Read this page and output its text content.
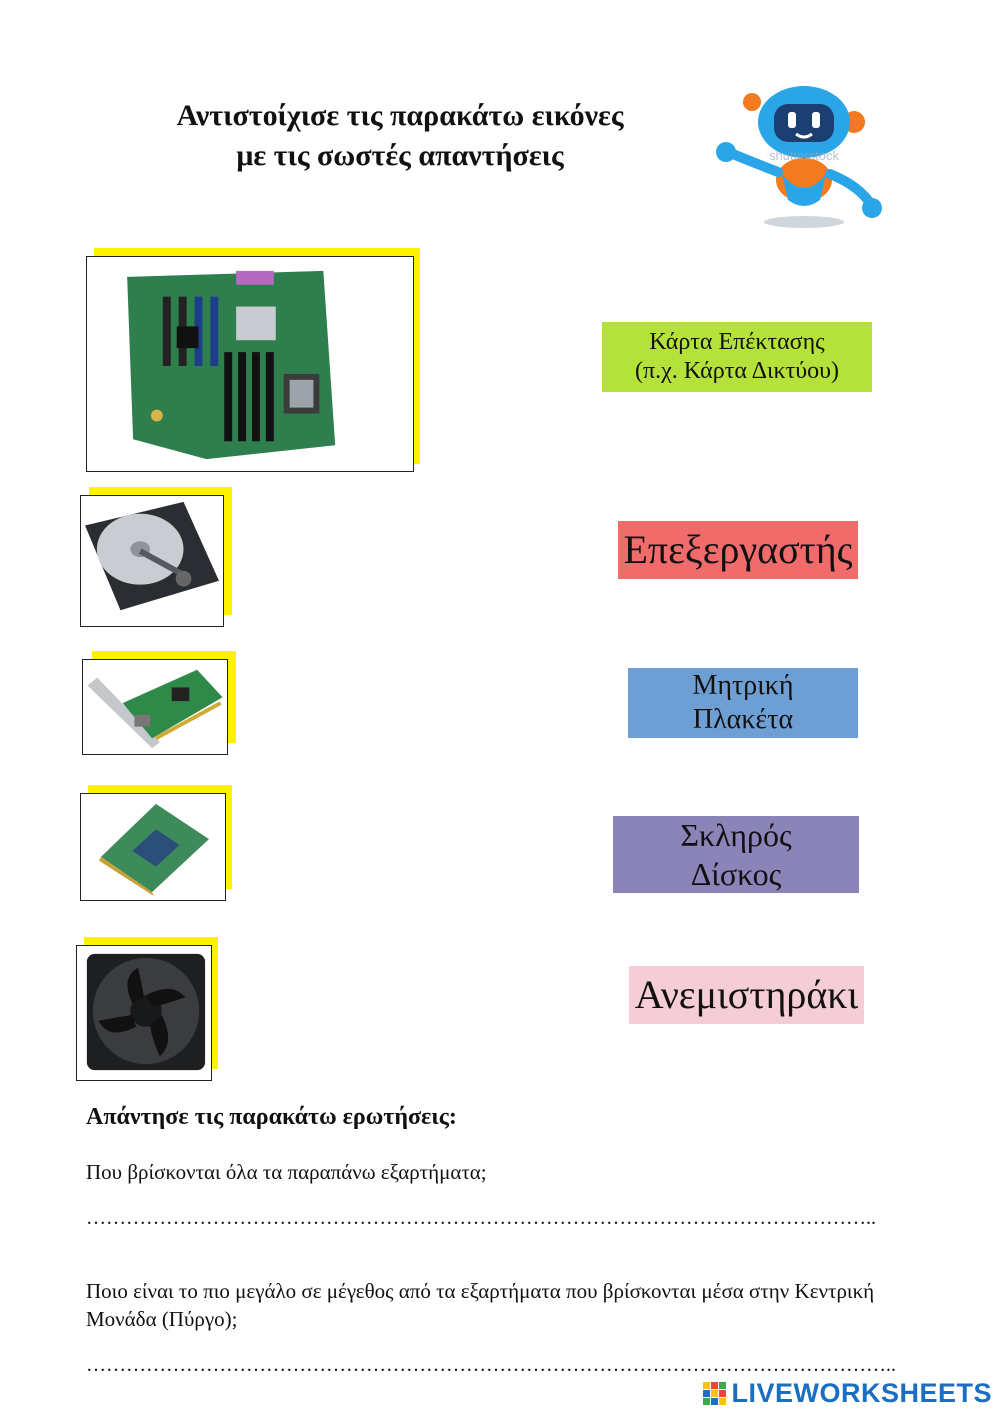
Αντιστοίχισε τις παρακάτω εικόνες
με τις σωστές απαντήσεις	shutterstock
Κάρτα Επέκτασης
(π.χ. Κάρτα Δικτύου)
Επεξεργαστής
Μητρική
Πλακέτα
Σκληρός
Δίσκος
Ανεμιστηράκι
Απάντησε τις παρακάτω ερωτήσεις:
Που βρίσκονται όλα τα παραπάνω εξαρτήματα;
………………………………………………………………………………………………………..
Ποιο είναι το πιο μεγάλο σε μέγεθος από τα εξαρτήματα που βρίσκονται μέσα στην Κεντρική Μονάδα (Πύργο);
…………………………………………………………………………………………………………..
LIVEWORKSHEETS
